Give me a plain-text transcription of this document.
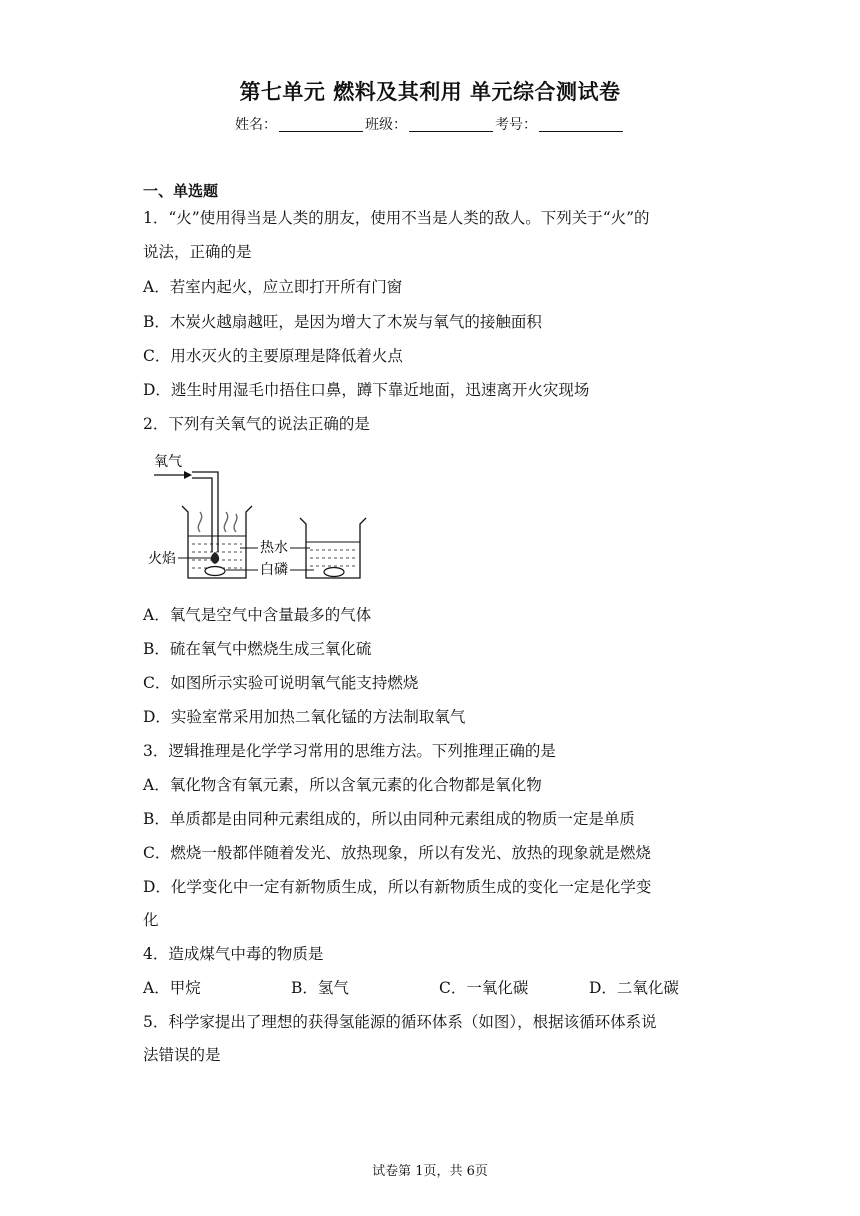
第七单元 燃料及其利用 单元综合测试卷
姓名：	班级：	考号：
一、单选题
1．“火”使用得当是人类的朋友，使用不当是人类的敌人。下列关于“火”的
说法，正确的是
A．若室内起火，应立即打开所有门窗
B．木炭火越扇越旺，是因为增大了木炭与氧气的接触面积
C．用水灭火的主要原理是降低着火点
D．逃生时用湿毛巾捂住口鼻，蹲下靠近地面，迅速离开火灾现场
2．下列有关氧气的说法正确的是
氧气
火焰
热水
白磷
A．氧气是空气中含量最多的气体
B．硫在氧气中燃烧生成三氧化硫
C．如图所示实验可说明氧气能支持燃烧
D．实验室常采用加热二氧化锰的方法制取氧气
3．逻辑推理是化学学习常用的思维方法。下列推理正确的是
A．氧化物含有氧元素，所以含氧元素的化合物都是氧化物
B．单质都是由同种元素组成的，所以由同种元素组成的物质一定是单质
C．燃烧一般都伴随着发光、放热现象，所以有发光、放热的现象就是燃烧
D．化学变化中一定有新物质生成，所以有新物质生成的变化一定是化学变
化
4．造成煤气中毒的物质是
A．甲烷	B．氢气	C．一氧化碳	D．二氧化碳
5．科学家提出了理想的获得氢能源的循环体系（如图），根据该循环体系说
法错误的是
试卷第 1页，共 6页
